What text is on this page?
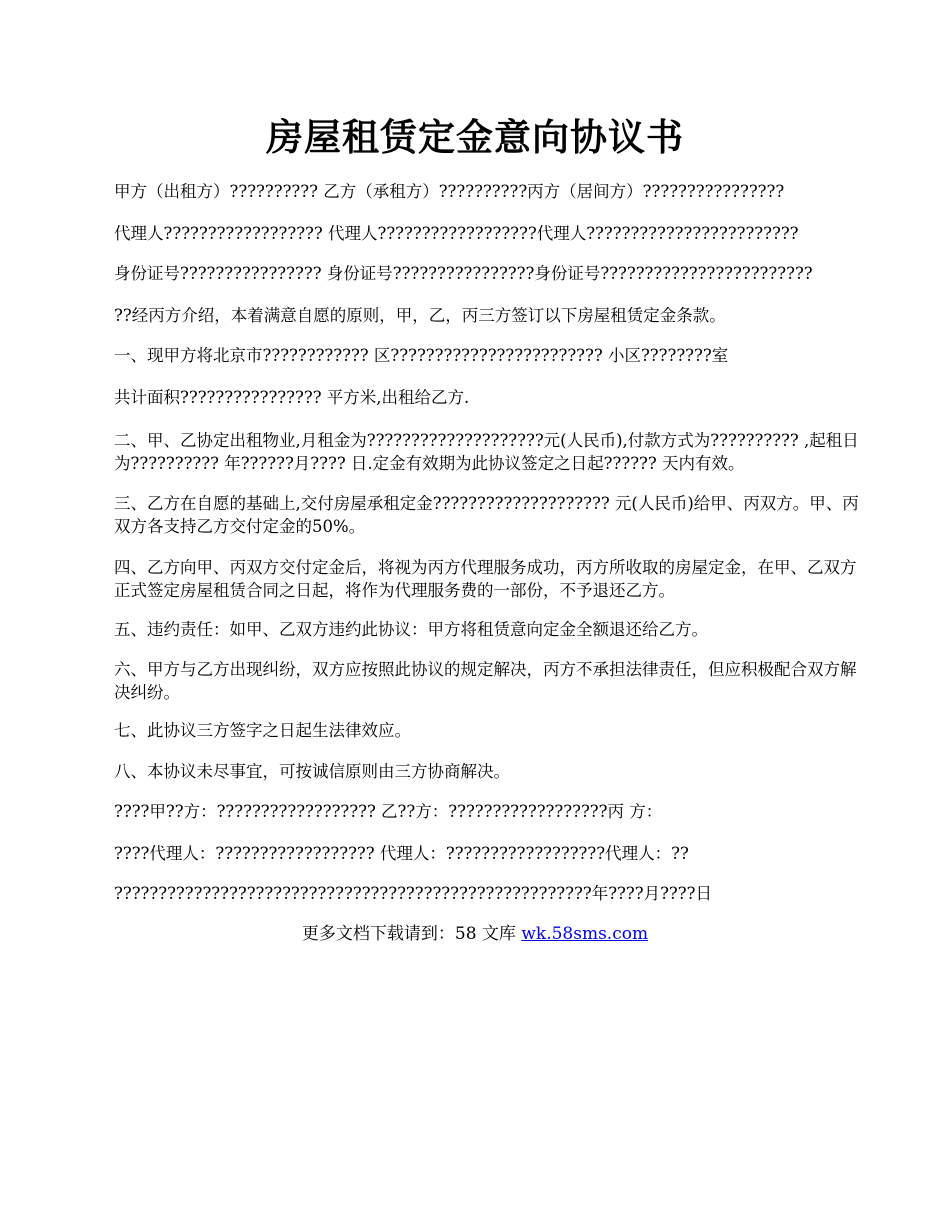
房屋租赁定金意向协议书

甲方（出租方）?????????? 乙方（承租方）??????????丙方（居间方）????????????????

代理人?????????????????? 代理人??????????????????代理人????????????????????????

身份证号???????????????? 身份证号????????????????身份证号????????????????????????

??经丙方介绍，本着满意自愿的原则，甲，乙，丙三方签订以下房屋租赁定金条款。

一、现甲方将北京市???????????? 区???????????????????????? 小区????????室

共计面积???????????????? 平方米,出租给乙方.

二、甲、乙协定出租物业,月租金为????????????????????元(人民币),付款方式为?????????? ,起租日为?????????? 年??????月???? 日.定金有效期为此协议签定之日起?????? 天内有效。

三、乙方在自愿的基础上,交付房屋承租定金???????????????????? 元(人民币)给甲、丙双方。甲、丙双方各支持乙方交付定金的50%。

四、乙方向甲、丙双方交付定金后，将视为丙方代理服务成功，丙方所收取的房屋定金，在甲、乙双方正式签定房屋租赁合同之日起，将作为代理服务费的一部份，不予退还乙方。

五、违约责任：如甲、乙双方违约此协议：甲方将租赁意向定金全额退还给乙方。

六、甲方与乙方出现纠纷，双方应按照此协议的规定解决，丙方不承担法律责任，但应积极配合双方解决纠纷。

七、此协议三方签字之日起生法律效应。

八、本协议未尽事宜，可按诚信原则由三方协商解决。

????甲??方：?????????????????? 乙??方：??????????????????丙 方：

????代理人：?????????????????? 代理人：??????????????????代理人：??

??????????????????????????????????????????????????????年????月????日

更多文档下载请到：58 文库 wk.58sms.com
